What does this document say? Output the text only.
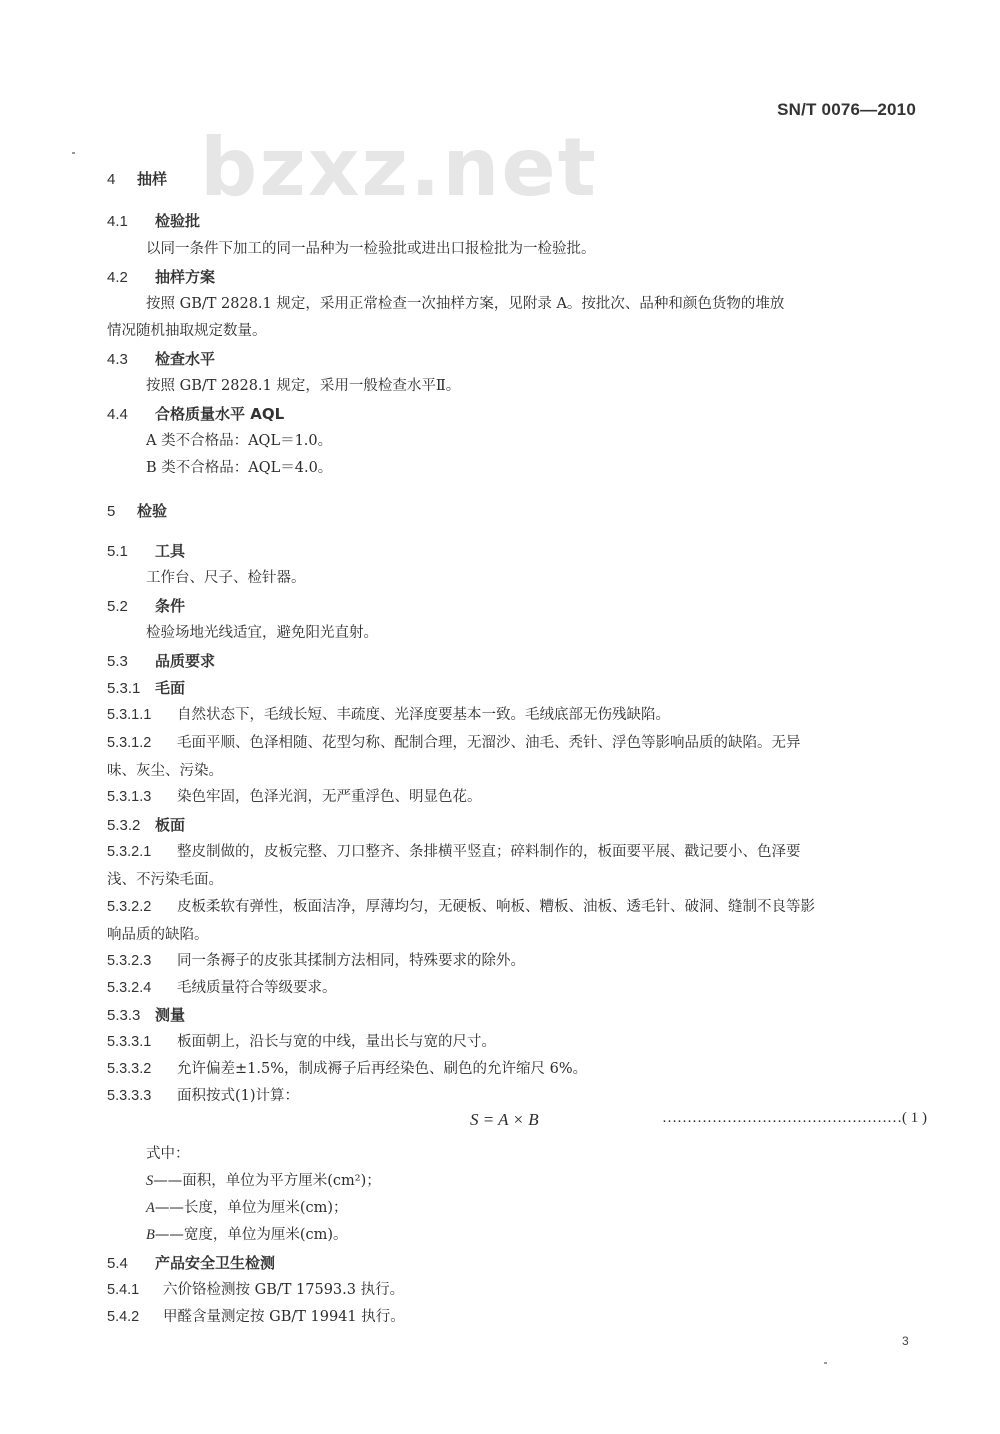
SN/T 0076—2010
bzxz.net
4 抽样
4.1 检验批
以同一条件下加工的同一品种为一检验批或进出口报检批为一检验批。
4.2 抽样方案
按照 GB/T 2828.1 规定，采用正常检查一次抽样方案，见附录 A。按批次、品种和颜色货物的堆放
情况随机抽取规定数量。
4.3 检查水平
按照 GB/T 2828.1 规定，采用一般检查水平Ⅱ。
4.4 合格质量水平 AQL
A 类不合格品：AQL＝1.0。
B 类不合格品：AQL＝4.0。
5 检验
5.1 工具
工作台、尺子、检针器。
5.2 条件
检验场地光线适宜，避免阳光直射。
5.3 品质要求
5.3.1 毛面
5.3.1.1 自然状态下，毛绒长短、丰疏度、光泽度要基本一致。毛绒底部无伤残缺陷。
5.3.1.2 毛面平顺、色泽相随、花型匀称、配制合理，无溜沙、油毛、秃针、浮色等影响品质的缺陷。无异
味、灰尘、污染。
5.3.1.3 染色牢固，色泽光润，无严重浮色、明显色花。
5.3.2 板面
5.3.2.1 整皮制做的，皮板完整、刀口整齐、条排横平竖直；碎料制作的，板面要平展、戳记要小、色泽要
浅、不污染毛面。
5.3.2.2 皮板柔软有弹性，板面洁净，厚薄均匀，无硬板、响板、糟板、油板、透毛针、破洞、缝制不良等影
响品质的缺陷。
5.3.2.3 同一条褥子的皮张其揉制方法相同，特殊要求的除外。
5.3.2.4 毛绒质量符合等级要求。
5.3.3 测量
5.3.3.1 板面朝上，沿长与宽的中线，量出长与宽的尺寸。
5.3.3.2 允许偏差±1.5%，制成褥子后再经染色、刷色的允许缩尺 6%。
5.3.3.3 面积按式(1)计算：
S = A × B	…………………………………………( 1 )
式中：
S——面积，单位为平方厘米(cm²)；
A——长度，单位为厘米(cm)；
B——宽度，单位为厘米(cm)。
5.4 产品安全卫生检测
5.4.1 六价铬检测按 GB/T 17593.3 执行。
5.4.2 甲醛含量测定按 GB/T 19941 执行。
3
